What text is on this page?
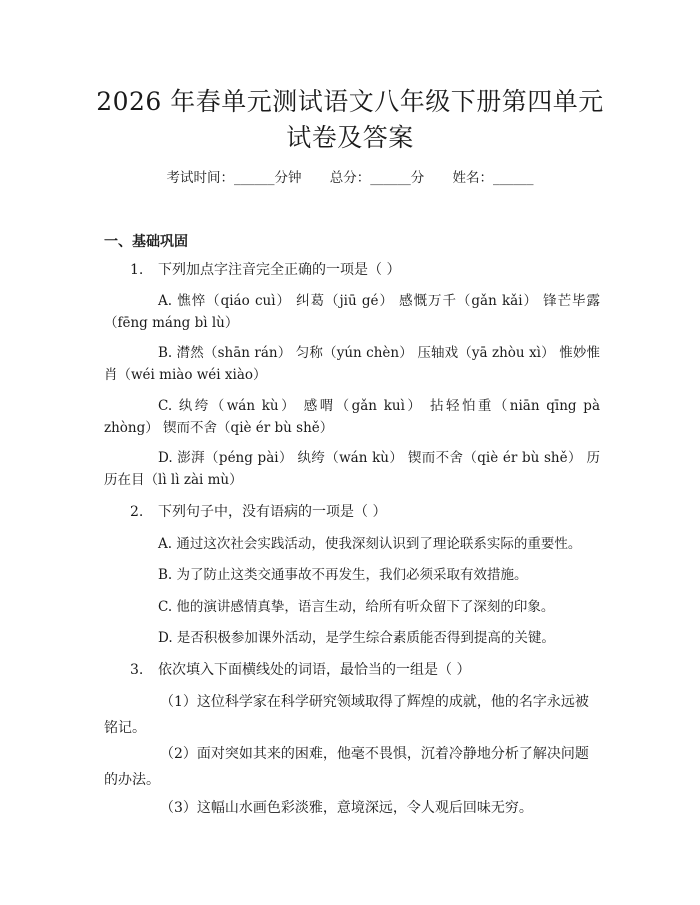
2026 年春单元测试语文八年级下册第四单元
试卷及答案
考试时间：______分钟 总分：______分 姓名：______
一、基础巩固
1. 下列加点字注音完全正确的一项是（ ）
A. 憔悴（qiáo cuì） 纠葛（jiū gé） 感慨万千（gǎn kǎi） 锋芒毕露（fēng máng bì lù）
B. 潸然（shān rán） 匀称（yún chèn） 压轴戏（yā zhòu xì） 惟妙惟肖（wéi miào wéi xiào）
C. 纨绔（wán kù） 感喟（gǎn kuì） 拈轻怕重（niān qīng pà zhòng） 锲而不舍（qiè ér bù shě）
D. 澎湃（péng pài） 纨绔（wán kù） 锲而不舍（qiè ér bù shě） 历历在目（lì lì zài mù）
2. 下列句子中，没有语病的一项是（ ）
A. 通过这次社会实践活动，使我深刻认识到了理论联系实际的重要性。
B. 为了防止这类交通事故不再发生，我们必须采取有效措施。
C. 他的演讲感情真挚，语言生动，给所有听众留下了深刻的印象。
D. 是否积极参加课外活动，是学生综合素质能否得到提高的关键。
3. 依次填入下面横线处的词语，最恰当的一组是（ ）
（1）这位科学家在科学研究领域取得了辉煌的成就，他的名字永远被铭记。
（2）面对突如其来的困难，他毫不畏惧，沉着冷静地分析了解决问题的办法。
（3）这幅山水画色彩淡雅，意境深远，令人观后回味无穷。
